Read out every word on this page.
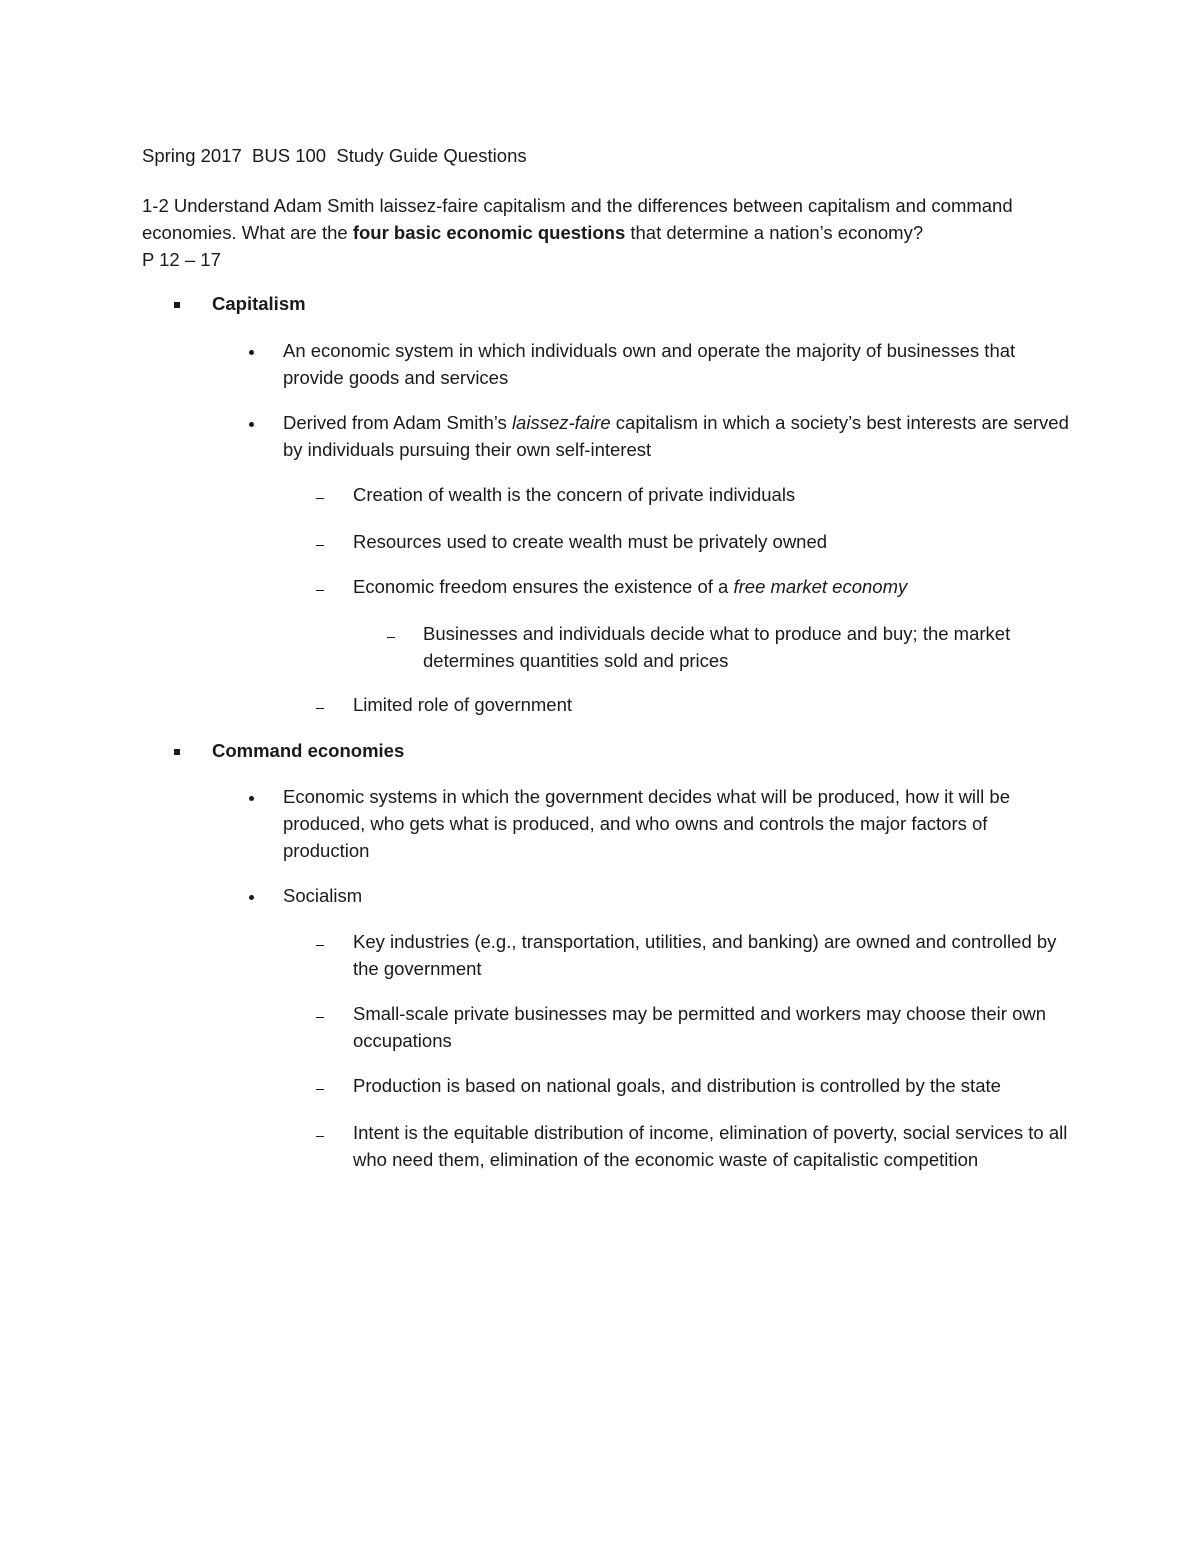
Spring 2017  BUS 100  Study Guide Questions

1-2 Understand Adam Smith laissez-faire capitalism and the differences between capitalism and command economies. What are the four basic economic questions that determine a nation’s economy?

P 12 – 17

Capitalism
An economic system in which individuals own and operate the majority of businesses that provide goods and services
Derived from Adam Smith’s laissez-faire capitalism in which a society’s best interests are served by individuals pursuing their own self-interest
Creation of wealth is the concern of private individuals
Resources used to create wealth must be privately owned
Economic freedom ensures the existence of a free market economy
Businesses and individuals decide what to produce and buy; the market determines quantities sold and prices
Limited role of government
Command economies
Economic systems in which the government decides what will be produced, how it will be produced, who gets what is produced, and who owns and controls the major factors of production
Socialism
Key industries (e.g., transportation, utilities, and banking) are owned and controlled by the government
Small-scale private businesses may be permitted and workers may choose their own occupations
Production is based on national goals, and distribution is controlled by the state
Intent is the equitable distribution of income, elimination of poverty, social services to all who need them, elimination of the economic waste of capitalistic competition
